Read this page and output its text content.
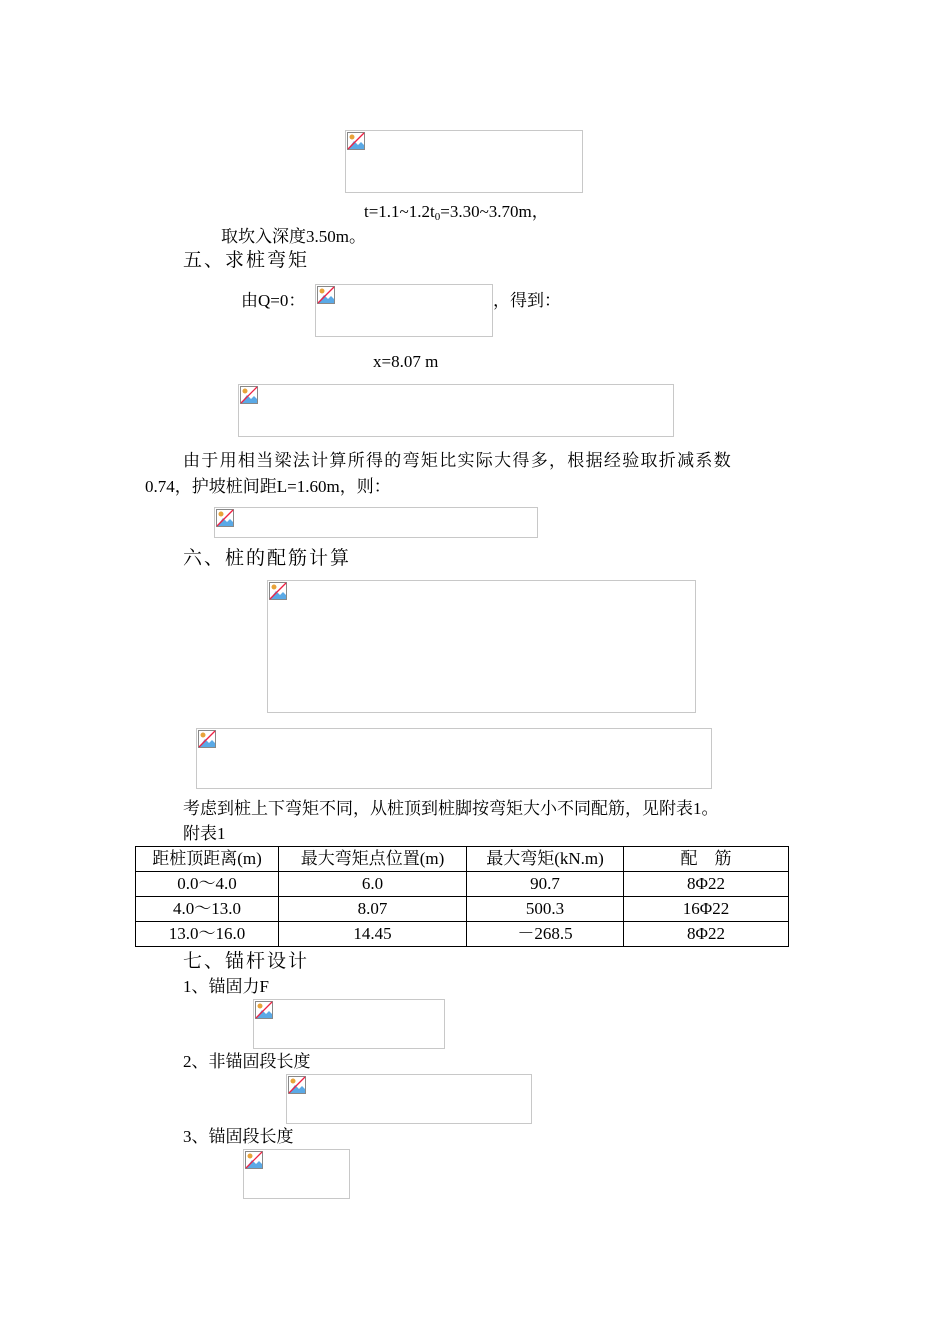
$t=1.1\sim 1.2t_0=3.30\sim 3.70m$，
取坎入深度3.50m。
五、求桩弯矩
由Q=0：	，得到：
x=8.07 m
由于用相当梁法计算所得的弯矩比实际大得多，根据经验取折减系数
0.74，护坡桩间距L=1.60m，则：
六、桩的配筋计算
考虑到桩上下弯矩不同，从桩顶到桩脚按弯矩大小不同配筋，见附表1。
附表1
距桩顶距离(m)	最大弯矩点位置(m)	最大弯矩(kN.m)	配　筋
0.0～4.0	6.0	90.7	8Φ22
4.0～13.0	8.07	500.3	16Φ22
13.0～16.0	14.45	－268.5	8Φ22
七、锚杆设计
1、锚固力F
2、非锚固段长度
3、锚固段长度
